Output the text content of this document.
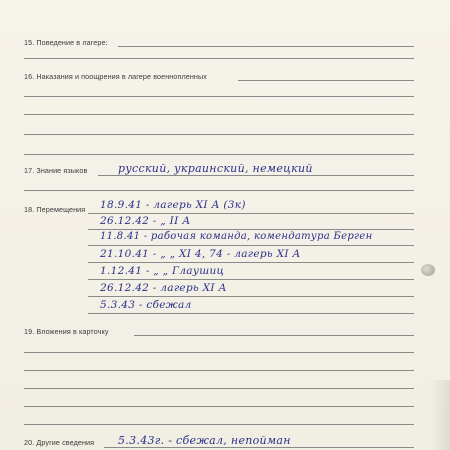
15. Поведение в лагере:
16. Наказания и поощрения в лагере военнопленных
17. Знание языков	русский, украинский, немецкий
18. Перемещения 18.9.41 - лагерь XI А (3к)
26.12.42 - „ II А
11.8.41 - рабочая команда, комендатура Берген
21.10.41 - „ „ XI 4, 74 - лагерь XI А
1.12.41 - „ „ Глаушиц
26.12.42 - лагерь XI А
5.3.43 - сбежал
19. Вложения в карточку
20. Другие сведения 5.3.43г. - сбежал, непойман
